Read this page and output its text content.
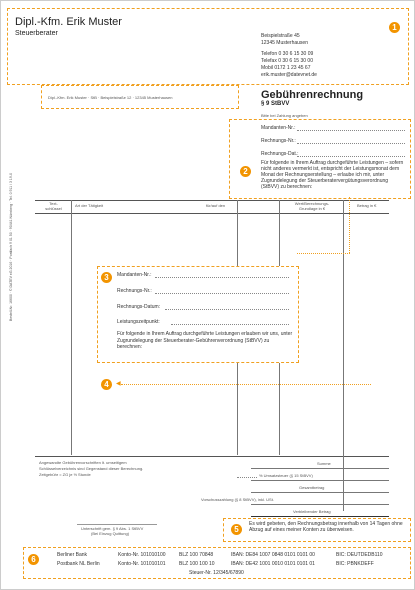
Dipl.-Kfm. Erik Muster
Steuerberater	Beispielstraße 45
12345 Musterhausen
Telefon 0 30 6 15 30 09
Telefax 0 30 6 15 30 00
Mobil 0172 1 23 45 67
erik.muster@datevnet.de
1
Dipl.-Kfm. Erik Muster · StB · Beispielstraße 12 · 12345 Musterhausen	Gebührenrechnung
§ 9 StBVV
Bitte bei Zahlung angeben
Mandanten-Nr.:
Rechnungs-Nr.:
Rechnungs-Dat.:
Für folgende in Ihrem Auftrag durchgeführte Leistungen – sofern nicht anderes vermerkt ist, entspricht der Leistungsmonat dem Monat der Rechnungserstellung – erlaube ich mir, unter Zugrundelegung der Steuerberatervergütungsverordnung (StBVV) zu berechnen:
2
Text-
schlüssel
Art der Tätigkeit	für/auf den	Wert/Berechnungs-
Grundlage in €
Betrag in €
3	Mandanten-Nr.:
Rechnungs-Nr.:
Rechnungs-Datum:
Leistungszeitpunkt:
Für folgende in Ihrem Auftrag durchgeführte Leistungen erlauben wir uns, unter Zugrundelegung der Steuerberater-Gebührenverordnung (StBVV) zu berechnen:
4	◀
Bestell-Nr. 16600 · © DATEV eG 2016 · Postfach 9 01 50 · 90441 Nürnberg · Tel. 0 911 / 3 19-0
Angewandte Gebührenvorschriften lt. umseitigem
Schlüsselverzeichnis sind Gegenstand dieser Berechnung.
Zeitgebühr = ZG je ½ Stunde
Summe
% Umsatzsteuer (§ 15 StBVV)
Gesamtbetrag
Vorschusszahlung (§ 8 StBVV), inkl. USt.
Verbleibender Betrag
Unterschrift gem. § 9 Abs. 1 StBVV
(Bei Einzug Quittung)	5
Es wird gebeten, den Rechnungsbetrag innerhalb von 14 Tagen ohne Abzug auf eines meiner Konten zu überweisen.
6	Berliner Bank	Konto-Nr. 101010100	BLZ 100 70848	IBAN: DE84 1007 0848 0101 0101 00	BIC: DEUTDEDB110
Postbank NL Berlin	Konto-Nr. 101010101	BLZ 100 100 10	IBAN: DE42 1001 0010 0101 0101 01	BIC: PBNKDEFF
Steuer-Nr. 12/345/67890
